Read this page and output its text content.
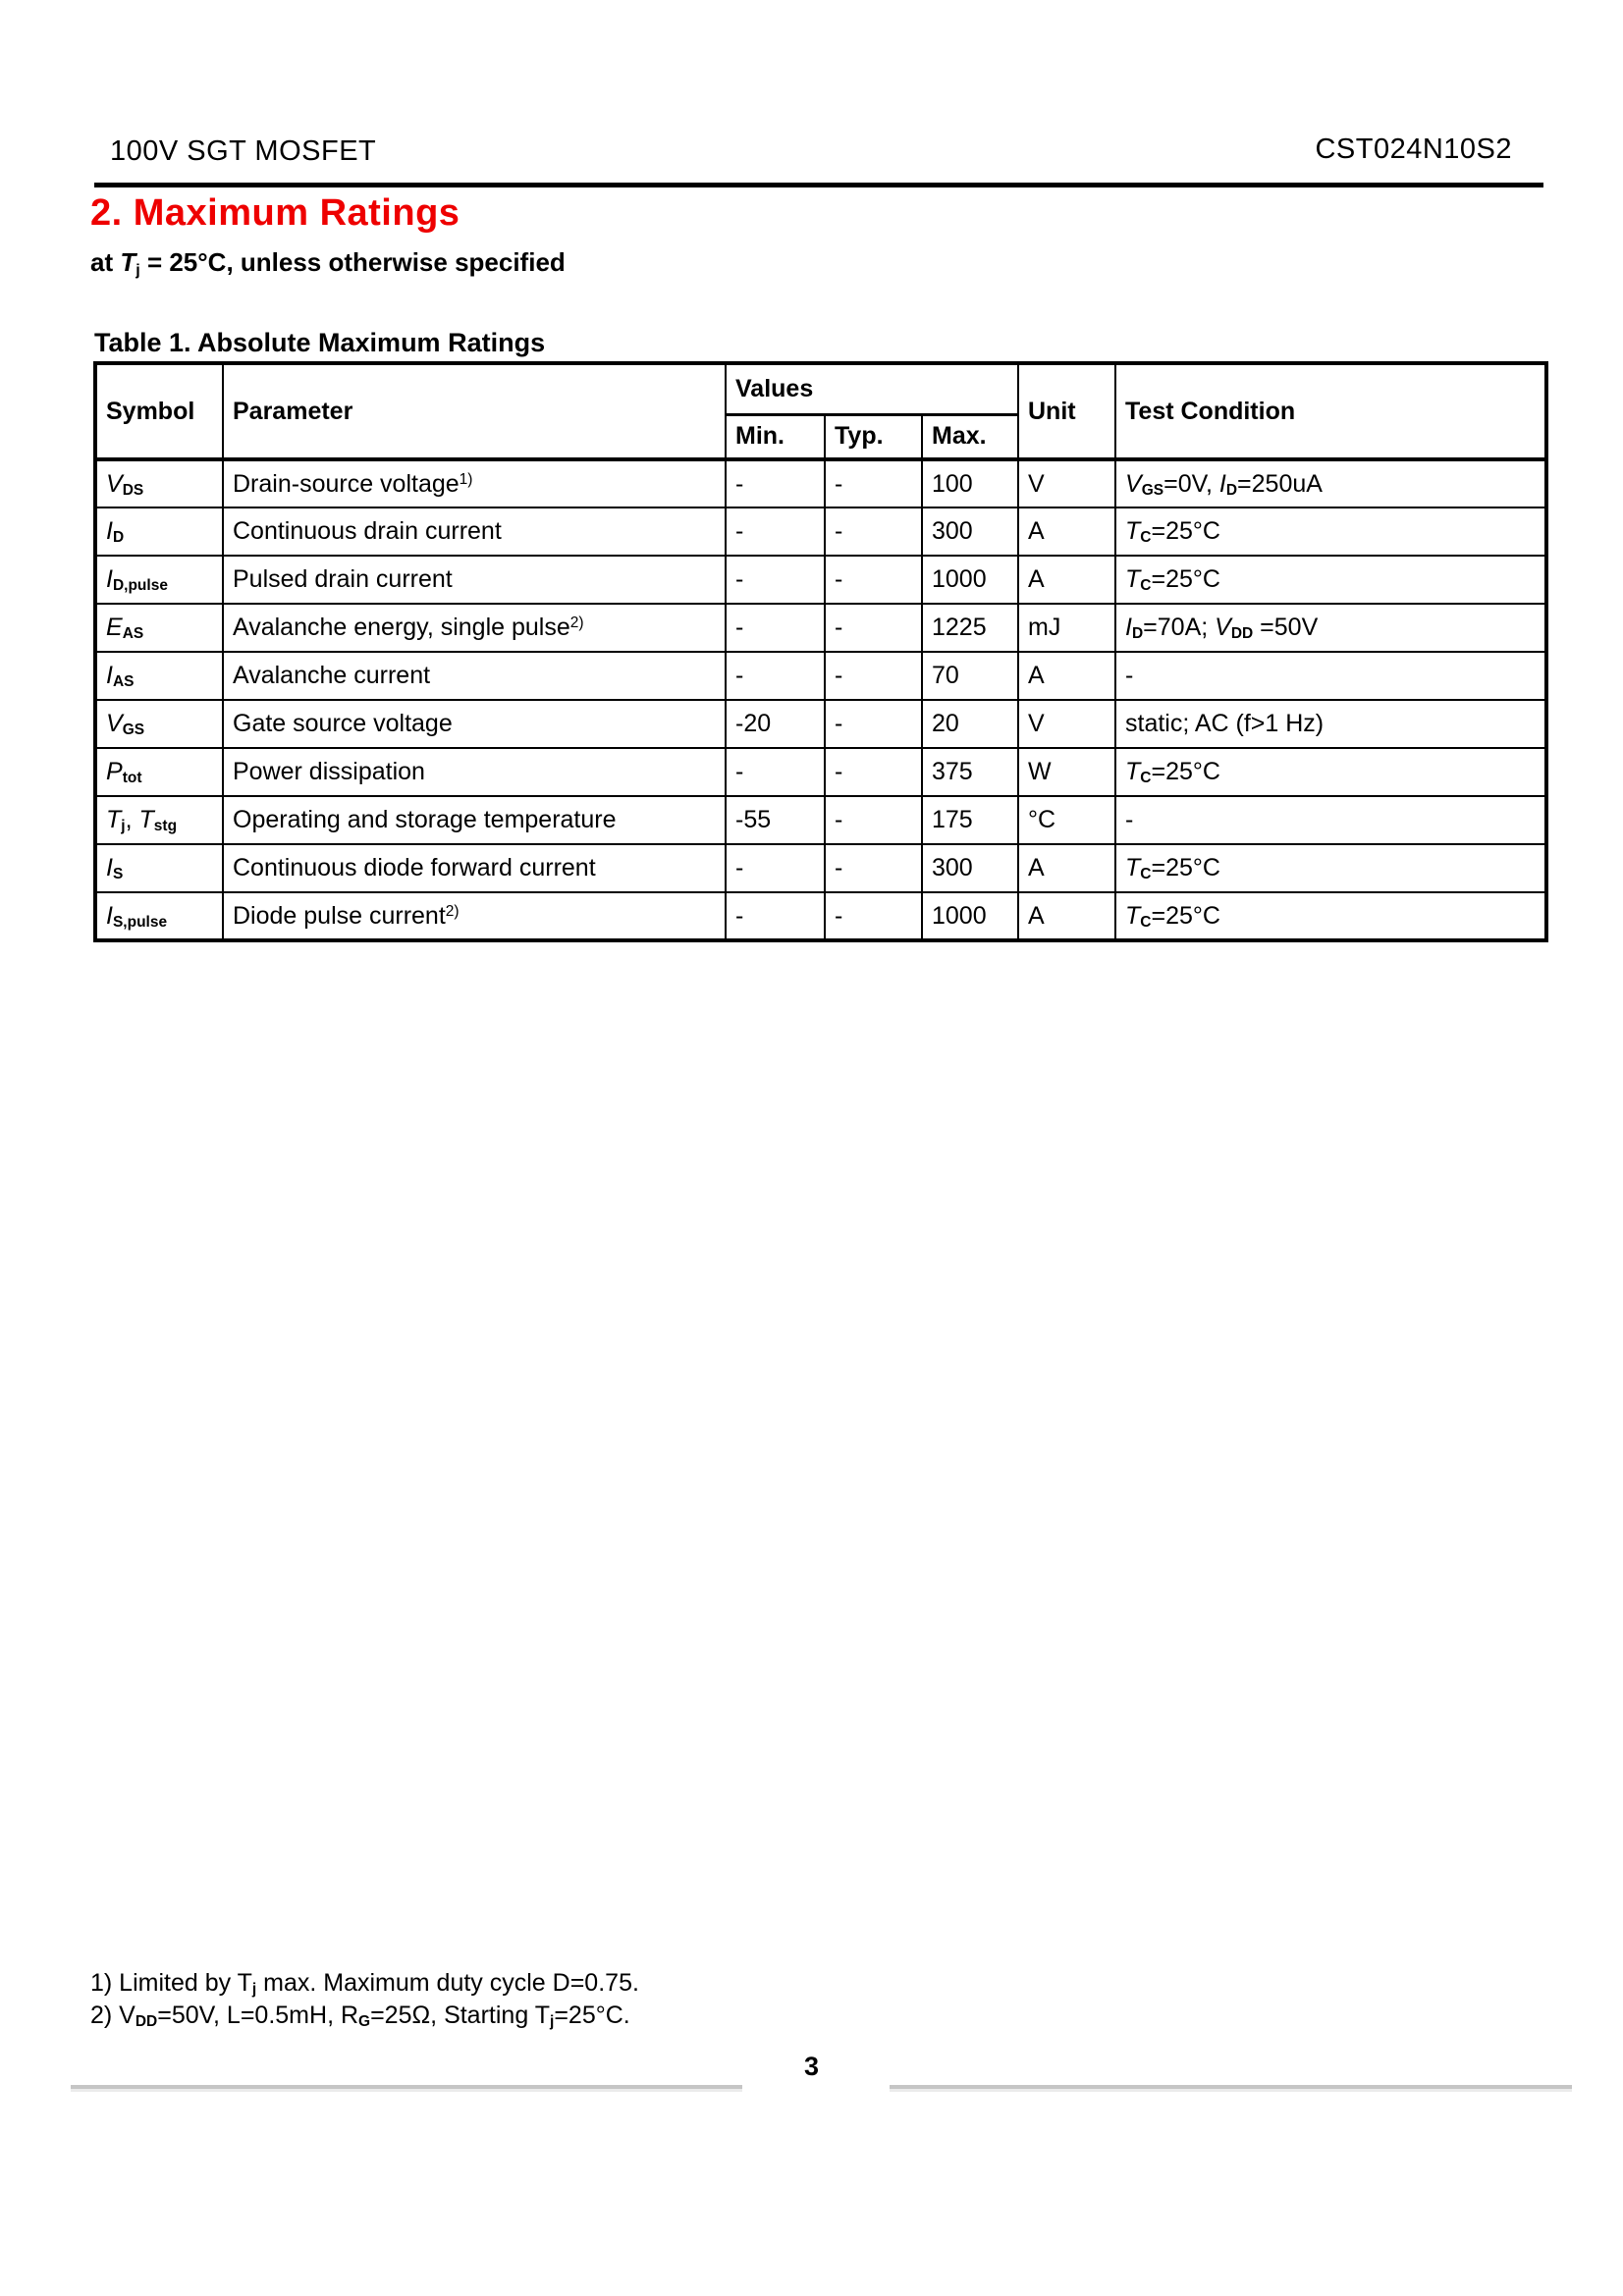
100V SGT MOSFET	CST024N10S2
2. Maximum Ratings
at $T_j = 25^\circ C$, unless otherwise specified
Table 1. Absolute Maximum Ratings
Symbol	Parameter	Values			Unit	Test Condition
		Min.	Typ.	Max.		
$V_{DS}$	Drain-source voltage$^{1)}$	-	-	100	V	$V_{GS}=0V$, $I_D=250uA$
$I_D$	Continuous drain current	-	-	300	A	$T_C=25^\circ C$
$I_{D,pulse}$	Pulsed drain current	-	-	1000	A	$T_C=25^\circ C$
$E_{AS}$	Avalanche energy, single pulse$^{2)}$	-	-	1225	mJ	$I_D=70A$; $V_{DD} =50V$
$I_{AS}$	Avalanche current	-	-	70	A	-
$V_{GS}$	Gate source voltage	-20	-	20	V	static; AC (f>1 Hz)
$P_{tot}$	Power dissipation	-	-	375	W	$T_C=25^\circ C$
$T_j$, $T_{stg}$	Operating and storage temperature	-55	-	175	°C	-
$I_S$	Continuous diode forward current	-	-	300	A	$T_C=25^\circ C$
$I_{S,pulse}$	Diode pulse current$^{2)}$	-	-	1000	A	$T_C=25^\circ C$
1) Limited by $T_j$ max. Maximum duty cycle D=0.75.
2) $V_{DD}=50V$, L=0.5mH, $R_G=25\Omega$, Starting $T_j=25^\circ C$.
3
